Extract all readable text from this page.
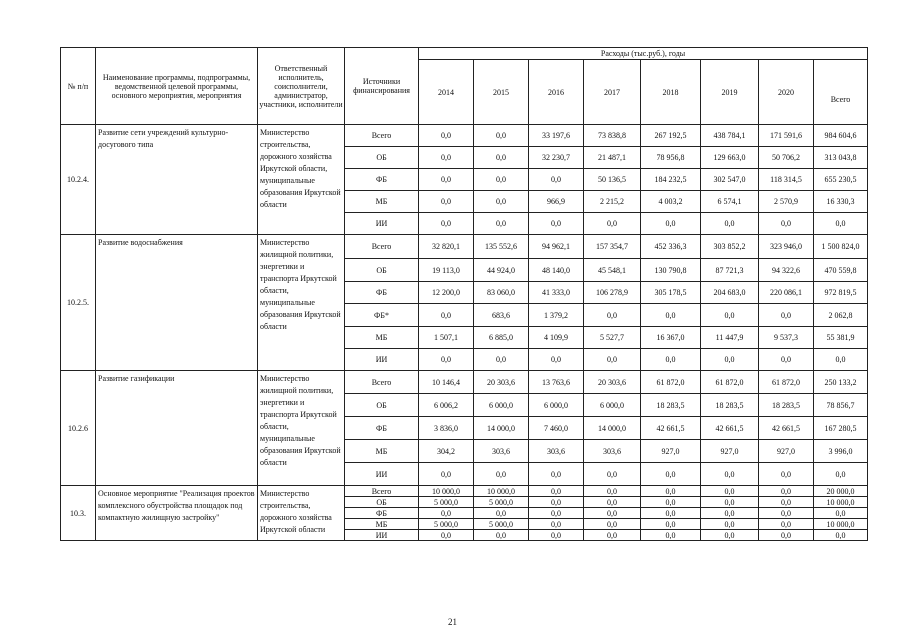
№ п/п	Наименование программы, подпрограммы, ведомственной целевой программы, основного мероприятия, мероприятия	Ответственный исполнитель, соисполнители, администратор, участники, исполнители	Источники финансирования	Расходы (тыс.руб.), годы							
				2014	2015	2016	2017	2018	2019	2020	Всего
10.2.4.	Развитие сети учреждений культурно-досугового типа	Министерство строительства, дорожного хозяйства Иркутской области, муниципальные образования Иркутской области	Всего	0,0	0,0	33 197,6	73 838,8	267 192,5	438 784,1	171 591,6	984 604,6
			ОБ	0,0	0,0	32 230,7	21 487,1	78 956,8	129 663,0	50 706,2	313 043,8
			ФБ	0,0	0,0	0,0	50 136,5	184 232,5	302 547,0	118 314,5	655 230,5
			МБ	0,0	0,0	966,9	2 215,2	4 003,2	6 574,1	2 570,9	16 330,3
			ИИ	0,0	0,0	0,0	0,0	0,0	0,0	0,0	0,0
10.2.5.	Развитие водоснабжения	Министерство жилищной политики, энергетики и транспорта Иркутской области, муниципальные образования Иркутской области	Всего	32 820,1	135 552,6	94 962,1	157 354,7	452 336,3	303 852,2	323 946,0	1 500 824,0
			ОБ	19 113,0	44 924,0	48 140,0	45 548,1	130 790,8	87 721,3	94 322,6	470 559,8
			ФБ	12 200,0	83 060,0	41 333,0	106 278,9	305 178,5	204 683,0	220 086,1	972 819,5
			ФБ*	0,0	683,6	1 379,2	0,0	0,0	0,0	0,0	2 062,8
			МБ	1 507,1	6 885,0	4 109,9	5 527,7	16 367,0	11 447,9	9 537,3	55 381,9
			ИИ	0,0	0,0	0,0	0,0	0,0	0,0	0,0	0,0
10.2.6	Развитие газификации	Министерство жилищной политики, энергетики и транспорта Иркутской области, муниципальные образования Иркутской области	Всего	10 146,4	20 303,6	13 763,6	20 303,6	61 872,0	61 872,0	61 872,0	250 133,2
			ОБ	6 006,2	6 000,0	6 000,0	6 000,0	18 283,5	18 283,5	18 283,5	78 856,7
			ФБ	3 836,0	14 000,0	7 460,0	14 000,0	42 661,5	42 661,5	42 661,5	167 280,5
			МБ	304,2	303,6	303,6	303,6	927,0	927,0	927,0	3 996,0
			ИИ	0,0	0,0	0,0	0,0	0,0	0,0	0,0	0,0
10.3.	Основное мероприятие "Реализация проектов комплексного обустройства площадок под компактную жилищную застройку"	Министерство строительства, дорожного хозяйства Иркутской области	Всего	10 000,0	10 000,0	0,0	0,0	0,0	0,0	0,0	20 000,0
			ОБ	5 000,0	5 000,0	0,0	0,0	0,0	0,0	0,0	10 000,0
			ФБ	0,0	0,0	0,0	0,0	0,0	0,0	0,0	0,0
			МБ	5 000,0	5 000,0	0,0	0,0	0,0	0,0	0,0	10 000,0
			ИИ	0,0	0,0	0,0	0,0	0,0	0,0	0,0	0,0
21
